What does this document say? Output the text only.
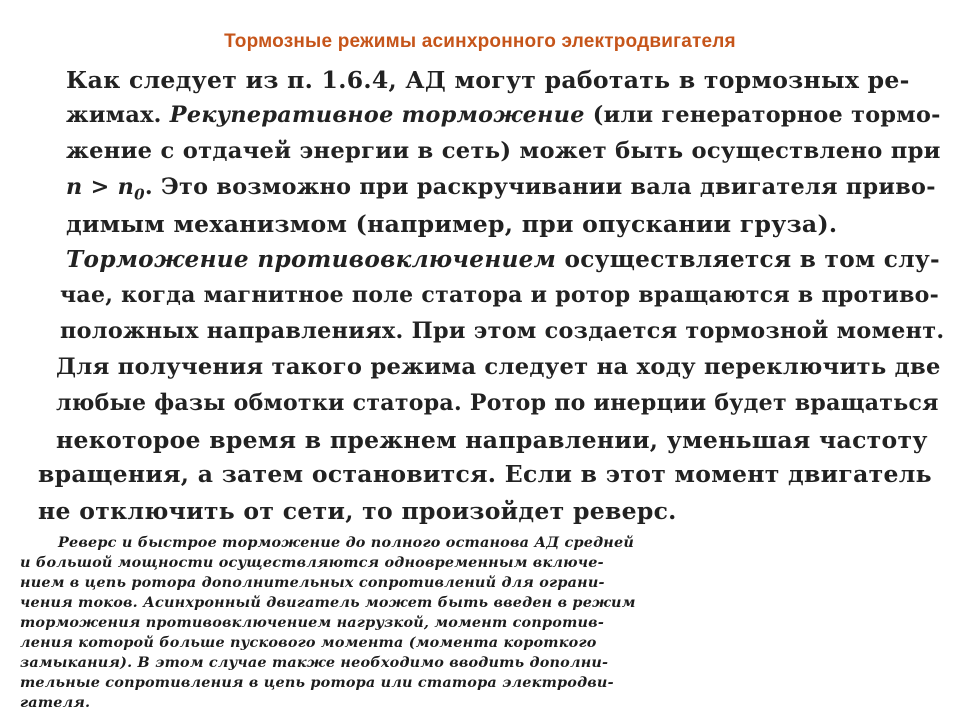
Тормозные режимы асинхронного электродвигателя
Как следует из п. 1.6.4, АД могут работать в тормозных ре-
жимах. Рекуперативное торможение (или генераторное тормо-
жение с отдачей энергии в сеть) может быть осуществлено при
$n > n_0$. Это возможно при раскручивании вала двигателя приво-
димым механизмом (например, при опускании груза).
Торможение противовключением осуществляется в том слу-
чае, когда магнитное поле статора и ротор вращаются в противо-
положных направлениях. При этом создается тормозной момент.
Для получения такого режима следует на ходу переключить две
любые фазы обмотки статора. Ротор по инерции будет вращаться
некоторое время в прежнем направлении, уменьшая частоту
вращения, а затем остановится. Если в этот момент двигатель
не отключить от сети, то произойдет реверс.
Реверс и быстрое торможение до полного останова АД средней
и большой мощности осуществляются одновременным включе-
нием в цепь ротора дополнительных сопротивлений для ограни-
чения токов. Асинхронный двигатель может быть введен в режим
торможения противовключением нагрузкой, момент сопротив-
ления которой больше пускового момента (момента короткого
замыкания). В этом случае также необходимо вводить дополни-
тельные сопротивления в цепь ротора или статора электродви-
гателя.
